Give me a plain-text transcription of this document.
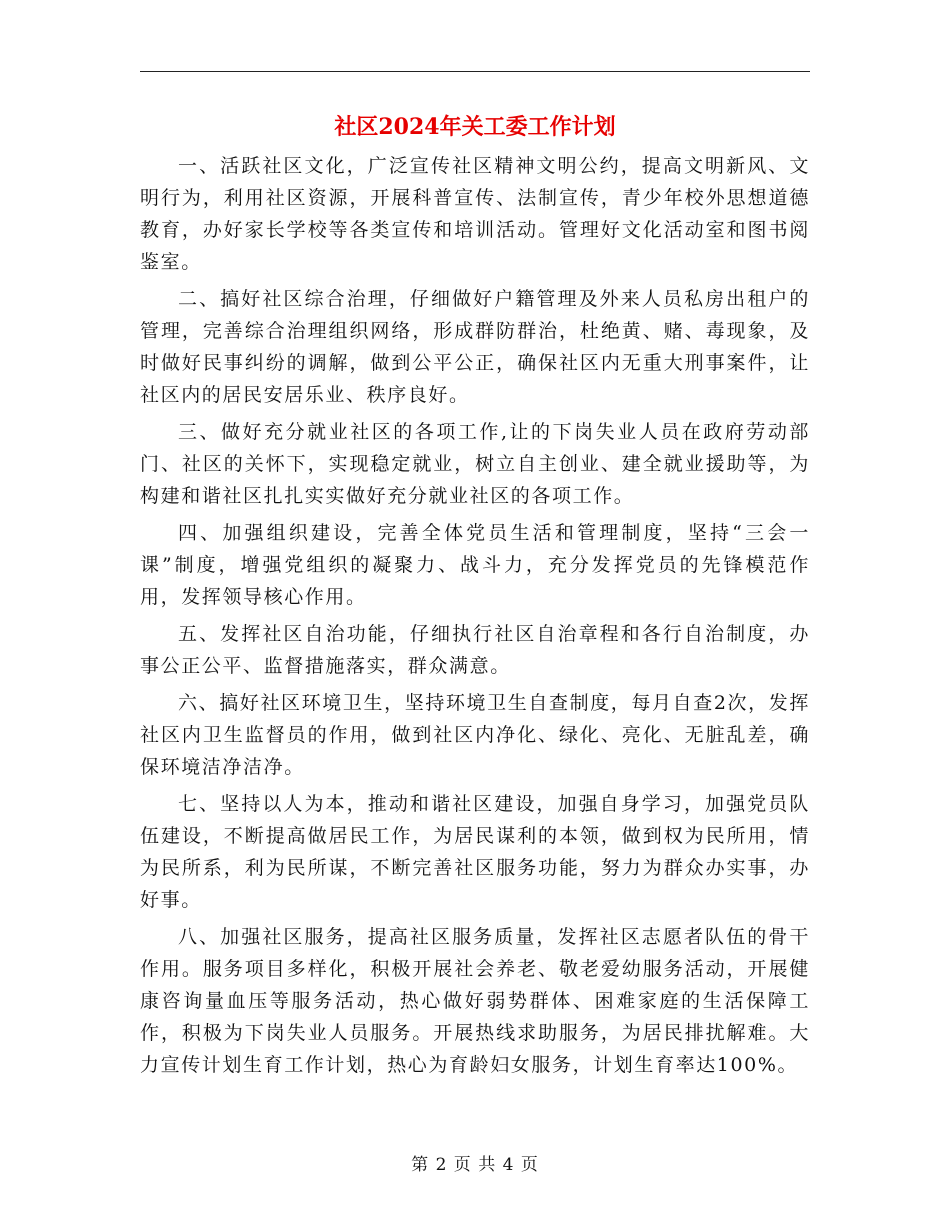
社区2024年关工委工作计划

一、活跃社区文化，广泛宣传社区精神文明公约，提高文明新风、文明行为，利用社区资源，开展科普宣传、法制宣传，青少年校外思想道德教育，办好家长学校等各类宣传和培训活动。管理好文化活动室和图书阅鉴室。

二、搞好社区综合治理，仔细做好户籍管理及外来人员私房出租户的管理，完善综合治理组织网络，形成群防群治，杜绝黄、赌、毒现象，及时做好民事纠纷的调解，做到公平公正，确保社区内无重大刑事案件，让社区内的居民安居乐业、秩序良好。

三、做好充分就业社区的各项工作,让的下岗失业人员在政府劳动部门、社区的关怀下，实现稳定就业，树立自主创业、建全就业援助等，为构建和谐社区扎扎实实做好充分就业社区的各项工作。

四、加强组织建设，完善全体党员生活和管理制度，坚持“三会一课”制度，增强党组织的凝聚力、战斗力，充分发挥党员的先锋模范作用，发挥领导核心作用。

五、发挥社区自治功能，仔细执行社区自治章程和各行自治制度，办事公正公平、监督措施落实，群众满意。

六、搞好社区环境卫生，坚持环境卫生自查制度，每月自查2次，发挥社区内卫生监督员的作用，做到社区内净化、绿化、亮化、无脏乱差，确保环境洁净洁净。

七、坚持以人为本，推动和谐社区建设，加强自身学习，加强党员队伍建设，不断提高做居民工作，为居民谋利的本领，做到权为民所用，情为民所系，利为民所谋，不断完善社区服务功能，努力为群众办实事，办好事。

八、加强社区服务，提高社区服务质量，发挥社区志愿者队伍的骨干作用。服务项目多样化，积极开展社会养老、敬老爱幼服务活动，开展健康咨询量血压等服务活动，热心做好弱势群体、困难家庭的生活保障工作，积极为下岗失业人员服务。开展热线求助服务，为居民排扰解难。大力宣传计划生育工作计划，热心为育龄妇女服务，计划生育率达100%。

第 2 页 共 4 页
